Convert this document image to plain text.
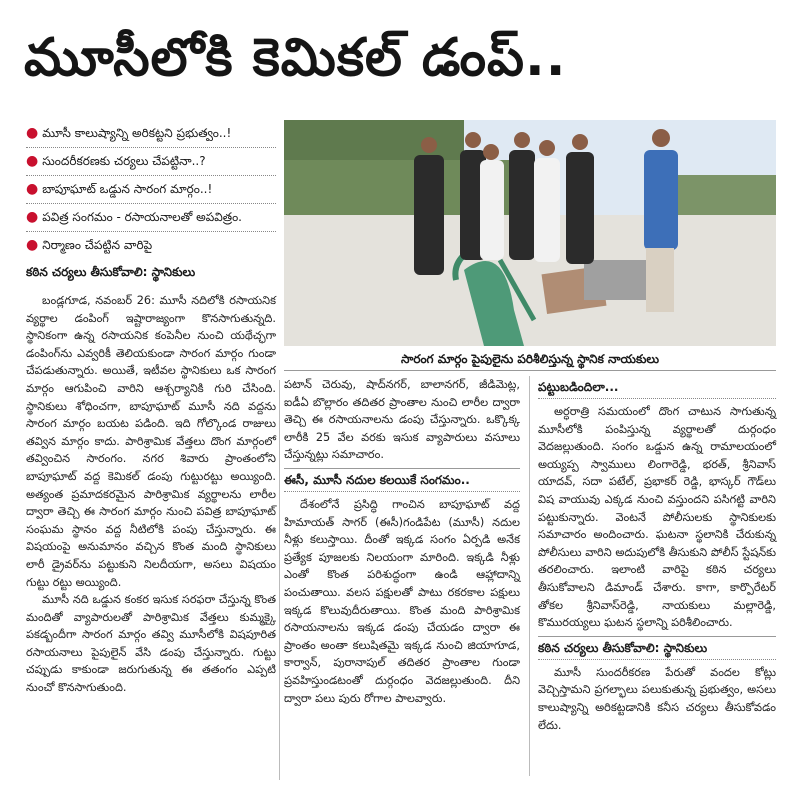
మూసీలోకి కెమికల్ డంప్..
● మూసీ కాలుష్యాన్ని అరికట్టని ప్రభుత్వం..!
● సుందరీకరణకు చర్యలు చేపట్టినా..?
● బాపూఘాట్ ఒడ్డున సారంగ మార్గం..!
● పవిత్ర సంగమం - రసాయనాలతో అపవిత్రం.
● నిర్మాణం చేపట్టిన వారిపై
కఠిన చర్యలు తీసుకోవాలి: స్థానికులు
సారంగ మార్గం పైపులైను పరిశీలిస్తున్న స్థానిక నాయకులు

బండ్లగూడ, నవంబర్ 26: మూసీ నదిలోకి రసాయనిక వ్యర్థాల డంపింగ్ ఇష్టారాజ్యంగా కొనసాగుతున్నది. స్థానికంగా ఉన్న రసాయనిక కంపెనీల నుంచి యథేచ్ఛగా డంపింగ్‌ను ఎవ్వరికీ తెలియకుండా సారంగ మార్గం గుండా చేపడుతున్నారు. అయితే, ఇటీవల స్థానికులు ఒక సారంగ మార్గం ఆగుపించి వారిని ఆశ్చర్యానికి గురి చేసింది. స్థానికులు శోధించగా, బాపూఘాట్ మూసీ నది వద్దను సారంగ మార్గం బయట పడింది. ఇది గోల్కొండ రాజులు తవ్విన మార్గం కాదు. పారిశ్రామిక వేత్తలు దొంగ మార్గంలో తవ్వించిన సారంగం. నగర శివారు ప్రాంతంలోని బాపూఘాట్ వద్ద కెమికల్ డంపు గుట్టురట్టు అయ్యింది. అత్యంత ప్రమాదకరమైన పారిశ్రామిక వ్యర్థాలను లారీల ద్వారా తెచ్చి ఈ సారంగ మార్గం నుంచి పవిత్ర బాపూఘాట్ సంఘమ స్థానం వద్ద నీటిలోకి పంపు చేస్తున్నారు. ఈ విషయంపై అనుమానం వచ్చిన కొంత మంది స్థానికులు లారీ డ్రైవర్‌ను పట్టుకుని నిలదీయగా, అసలు విషయం గుట్టు రట్టు అయ్యింది.

మూసీ నది ఒడ్డున కంకర ఇసుక సరఫరా చేస్తున్న కొంత మందితో వ్యాపారులతో పారిశ్రామిక వేత్తలు కుమ్మక్కై పకడ్బందీగా సారంగ మార్గం తవ్వి మూసీలోకి విషపూరిత రసాయనాలు పైపులైన్ వేసి డంపు చేస్తున్నారు. గుట్టు చప్పుడు కాకుండా జరుగుతున్న ఈ తతంగం ఎప్పటి నుంచో కొనసాగుతుంది.

పటాన్ చెరువు, షాద్‌నగర్, బాలానగర్, జీడిమెట్ల, ఐడీఏ బొల్లారం తదితర ప్రాంతాల నుంచి లారీల ద్వారా తెచ్చి ఈ రసాయనాలను డంపు చేస్తున్నారు. ఒక్కొక్క లారీకి 25 వేల వరకు ఇసుక వ్యాపారులు వసూలు చేస్తున్నట్లు సమాచారం.

ఈసీ, మూసీ నదుల కలయికే సంగమం..

దేశంలోనే ప్రసిద్ధి గాంచిన బాపూఘాట్ వద్ద హిమాయత్ సాగర్ (ఈసీ)గండిపేట (మూసీ) నదుల నీళ్లు కలుస్తాయి. దీంతో ఇక్కడ సంగం ఏర్పడి అనేక ప్రత్యేక పూజలకు నిలయంగా మారింది. ఇక్కడి నీళ్లు ఎంతో కొంత పరిశుద్ధంగా ఉండి ఆహ్లాదాన్ని పంచుతాయి. వలస పక్షులతో పాటు రకరకాల పక్షులు ఇక్కడ కొలువుదీరుతాయి. కొంత మంది పారిశ్రామిక రసాయనాలను ఇక్కడ డంపు చేయడం ద్వారా ఈ ప్రాంతం అంతా కలుషితమై ఇక్కడ నుంచి జియాగూడ, కార్వాన్, పురానాపుల్ తదితర ప్రాంతాల గుండా ప్రవహిస్తుండటంతో దుర్గంధం వెదజల్లుతుంది. దీని ద్వారా పలు పురు రోగాల పాలవ్వారు.

పట్టుబడిందిలా...

అర్ధరాత్రి సమయంలో దొంగ చాటున సాగుతున్న మూసీలోకి పంపిస్తున్న వ్యర్థాలతో దుర్గంధం వెదజల్లుతుంది. సంగం ఒడ్డున ఉన్న రామాలయంలో అయ్యప్ప స్వాములు లింగారెడ్డి, భరత్, శ్రీనివాస్ యాదవ్, సదా పటేల్, ప్రభాకర్ రెడ్డి, భాస్కర్ గౌడ్‌లు విష వాయువు ఎక్కడ నుంచి వస్తుందని పసిగట్టి వారిని పట్టుకున్నారు. వెంటనే పోలీసులకు స్థానికులకు సమాచారం అందించారు. ఘటనా స్థలానికి చేరుకున్న పోలీసులు వారిని అదుపులోకి తీసుకుని పోలీస్ స్టేషన్‌కు తరలించారు. ఇలాంటి వారిపై కఠిన చర్యలు తీసుకోవాలని డిమాండ్ చేశారు. కాగా, కార్పొరేటర్ తోకల శ్రీనివాస్‌రెడ్డి, నాయకులు మల్లారెడ్డి, కొమురయ్యలు ఘటన స్థలాన్ని పరిశీలించారు.

కఠిన చర్యలు తీసుకోవాలి: స్థానికులు

మూసీ సుందరీకరణ పేరుతో వందల కోట్లు వెచ్చిస్తామని ప్రగల్భాలు పలుకుతున్న ప్రభుత్వం, అసలు కాలుష్యాన్ని అరికట్టడానికి కనీస చర్యలు తీసుకోవడం లేదు.
